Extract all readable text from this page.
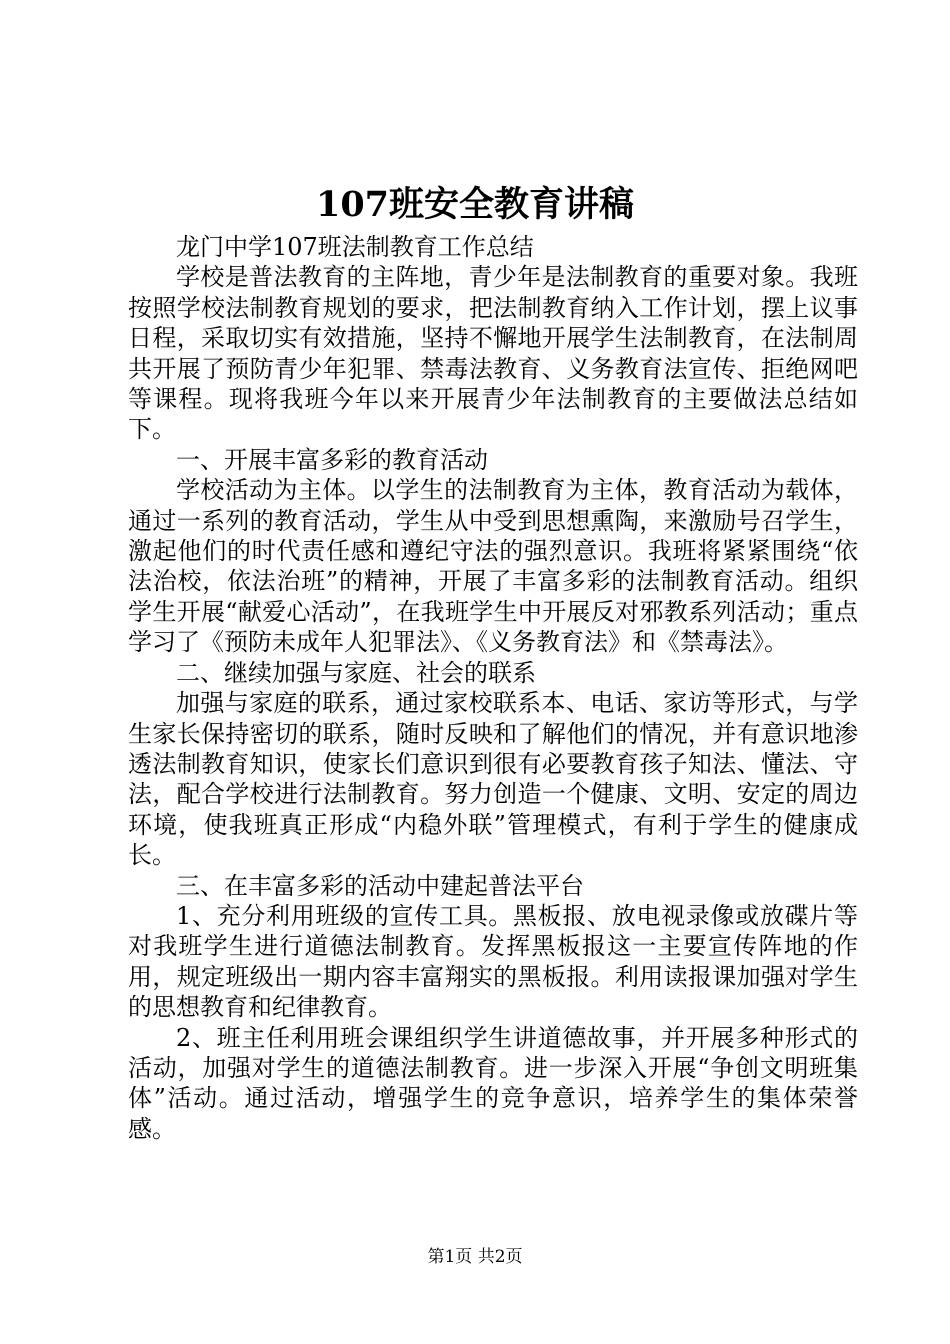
107班安全教育讲稿

龙门中学107班法制教育工作总结

学校是普法教育的主阵地，青少年是法制教育的重要对象。我班按照学校法制教育规划的要求，把法制教育纳入工作计划，摆上议事日程，采取切实有效措施，坚持不懈地开展学生法制教育，在法制周共开展了预防青少年犯罪、禁毒法教育、义务教育法宣传、拒绝网吧等课程。现将我班今年以来开展青少年法制教育的主要做法总结如下。

一、开展丰富多彩的教育活动

学校活动为主体。以学生的法制教育为主体，教育活动为载体，通过一系列的教育活动，学生从中受到思想熏陶，来激励号召学生，激起他们的时代责任感和遵纪守法的强烈意识。我班将紧紧围绕“依法治校，依法治班”的精神，开展了丰富多彩的法制教育活动。组织学生开展“献爱心活动”，在我班学生中开展反对邪教系列活动；重点学习了《预防未成年人犯罪法》、《义务教育法》和《禁毒法》。

二、继续加强与家庭、社会的联系

加强与家庭的联系，通过家校联系本、电话、家访等形式，与学生家长保持密切的联系，随时反映和了解他们的情况，并有意识地渗透法制教育知识，使家长们意识到很有必要教育孩子知法、懂法、守法，配合学校进行法制教育。努力创造一个健康、文明、安定的周边环境，使我班真正形成“内稳外联”管理模式，有利于学生的健康成长。

三、在丰富多彩的活动中建起普法平台

1、充分利用班级的宣传工具。黑板报、放电视录像或放碟片等对我班学生进行道德法制教育。发挥黑板报这一主要宣传阵地的作用，规定班级出一期内容丰富翔实的黑板报。利用读报课加强对学生的思想教育和纪律教育。

2、班主任利用班会课组织学生讲道德故事，并开展多种形式的活动，加强对学生的道德法制教育。进一步深入开展“争创文明班集体”活动。通过活动，增强学生的竞争意识，培养学生的集体荣誉感。

第1页 共2页
